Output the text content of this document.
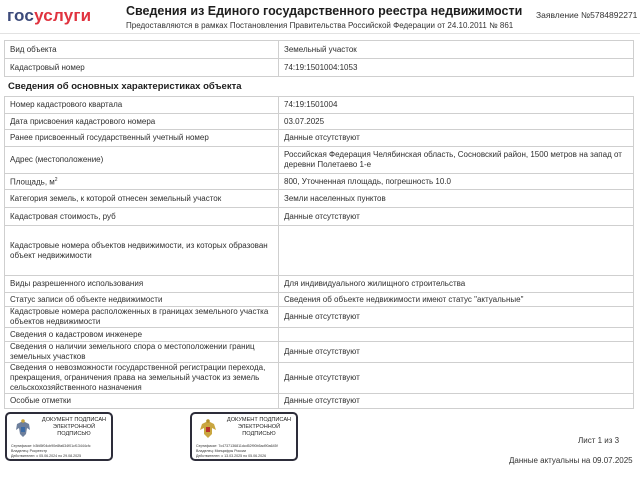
госуслуги	Сведения из Единого государственного реестра недвижимости
Предоставляются в рамках Постановления Правительства Российской Федерации от 24.10.2011 № 861
Заявление №5784892271
Вид объекта	Земельный участок
Кадастровый номер	74:19:1501004:1053
Сведения об основных характеристиках объекта
Номер кадастрового квартала	74:19:1501004
Дата присвоения кадастрового номера	03.07.2025
Ранее присвоенный государственный учетный номер	Данные отсутствуют
Адрес (местоположение)	Российская Федерация Челябинская область, Сосновский район, 1500 метров на запад от деревни Полетаево 1-е
Площадь, $м^2$	800, Уточненная площадь, погрешность 10.0
Категория земель, к которой отнесен земельный участок	Земли населенных пунктов
Кадастровая стоимость, руб	Данные отсутствуют
Кадастровые номера объектов недвижимости, из которых образован объект недвижимости	
Виды разрешенного использования	Для индивидуального жилищного строительства
Статус записи об объекте недвижимости	Сведения об объекте недвижимости имеют статус "актуальные"
Кадастровые номера расположенных в границах земельного участка объектов недвижимости	Данные отсутствуют
Сведения о кадастровом инженере	
Сведения о наличии земельного спора о местоположении границ земельных участков	Данные отсутствуют
Сведения о невозможности государственной регистрации перехода, прекращения, ограничения права на земельный участок из земель сельскохозяйственного назначения	Данные отсутствуют
Особые отметки	Данные отсутствуют
ДОКУМЕНТ ПОДПИСАН ЭЛЕКТРОННОЙ ПОДПИСЬЮ
Сертификат: b3fd5f04cb90e8fa634f01cf13444cfc
Владелец: Росреестр
Действителен: с 05.06.2024 по 29.08.2025
ДОКУМЕНТ ПОДПИСАН ЭЛЕКТРОННОЙ ПОДПИСЬЮ
Сертификат: 7c4737136811dcd52f90b5ad90a645f
Владелец: Минцифры России
Действителен: с 13.03.2025 по 05.06.2026
Лист 1 из 3
Данные актуальны на 09.07.2025
